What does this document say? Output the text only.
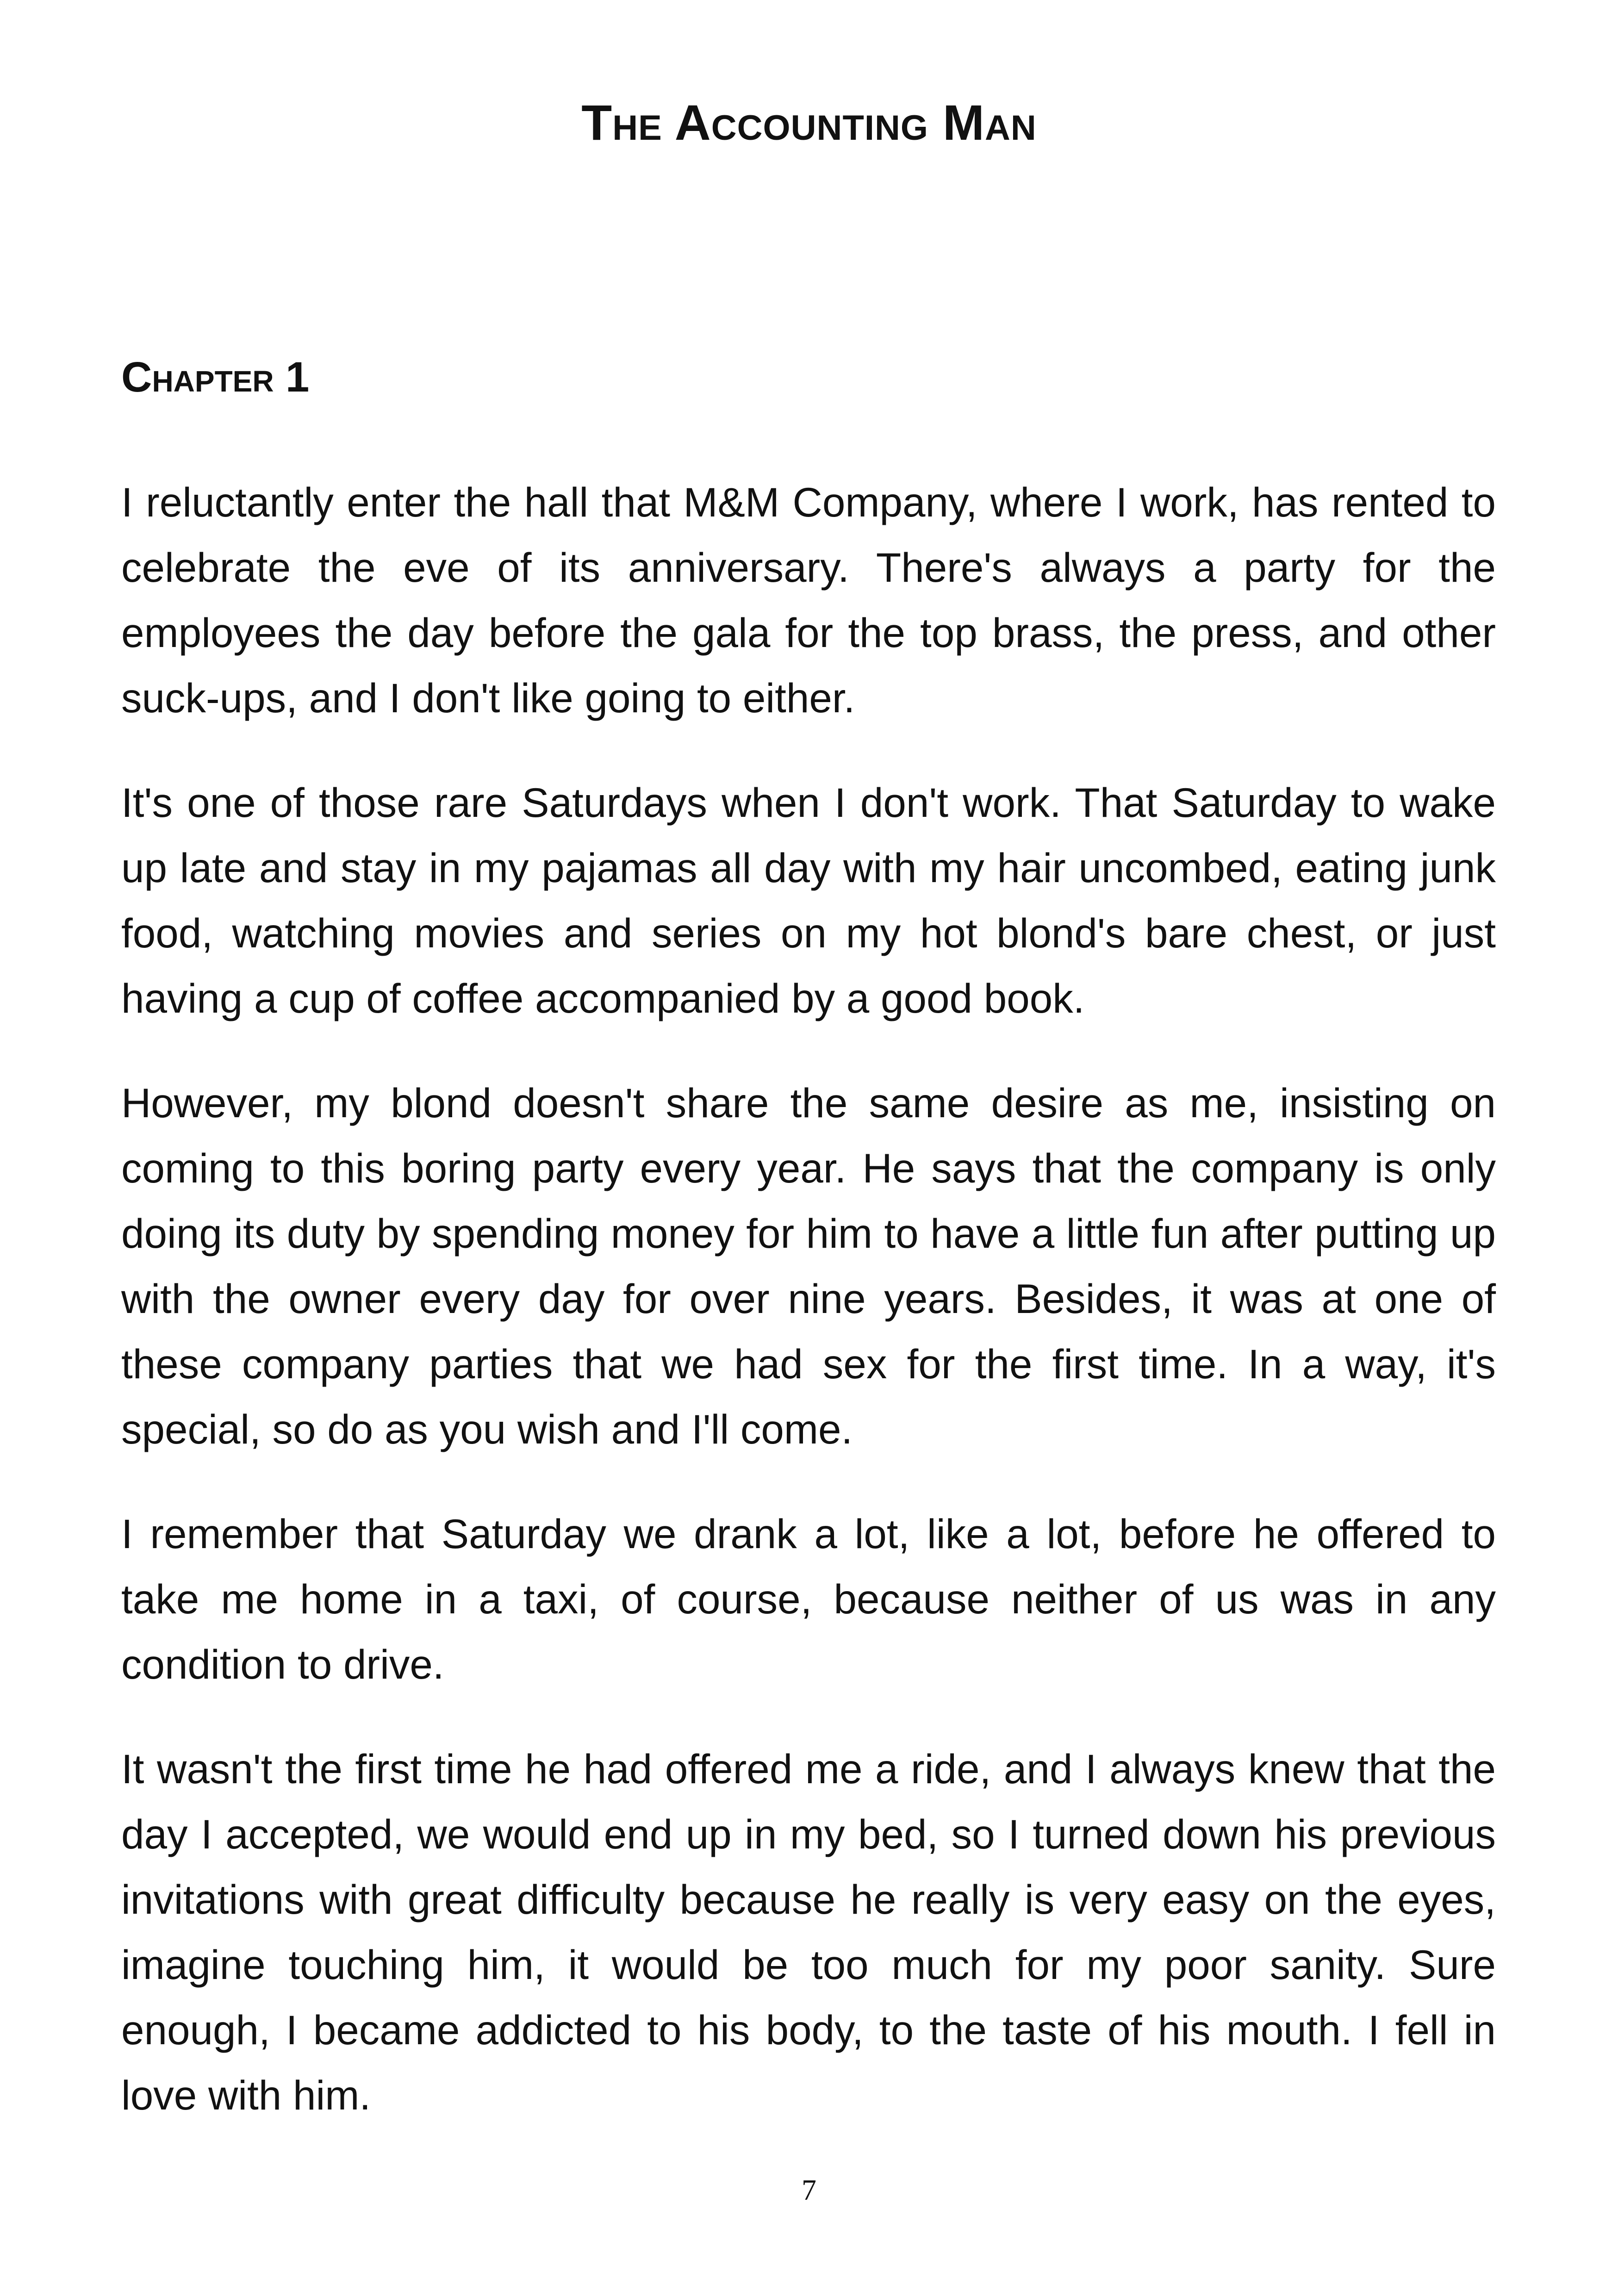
The Accounting Man
Chapter 1

I reluctantly enter the hall that M&M Company, where I work, has rented to celebrate the eve of its anniversary. There's always a party for the employees the day before the gala for the top brass, the press, and other suck-ups, and I don't like going to either.

It's one of those rare Saturdays when I don't work. That Saturday to wake up late and stay in my pajamas all day with my hair uncombed, eating junk food, watching movies and series on my hot blond's bare chest, or just having a cup of coffee accompanied by a good book.

However, my blond doesn't share the same desire as me, insisting on coming to this boring party every year. He says that the company is only doing its duty by spending money for him to have a little fun after putting up with the owner every day for over nine years. Besides, it was at one of these company parties that we had sex for the first time. In a way, it's special, so do as you wish and I'll come.

I remember that Saturday we drank a lot, like a lot, before he offered to take me home in a taxi, of course, because neither of us was in any condition to drive.

It wasn't the first time he had offered me a ride, and I always knew that the day I accepted, we would end up in my bed, so I turned down his previous invitations with great difficulty because he really is very easy on the eyes, imagine touching him, it would be too much for my poor sanity. Sure enough, I became addicted to his body, to the taste of his mouth. I fell in love with him.

7
